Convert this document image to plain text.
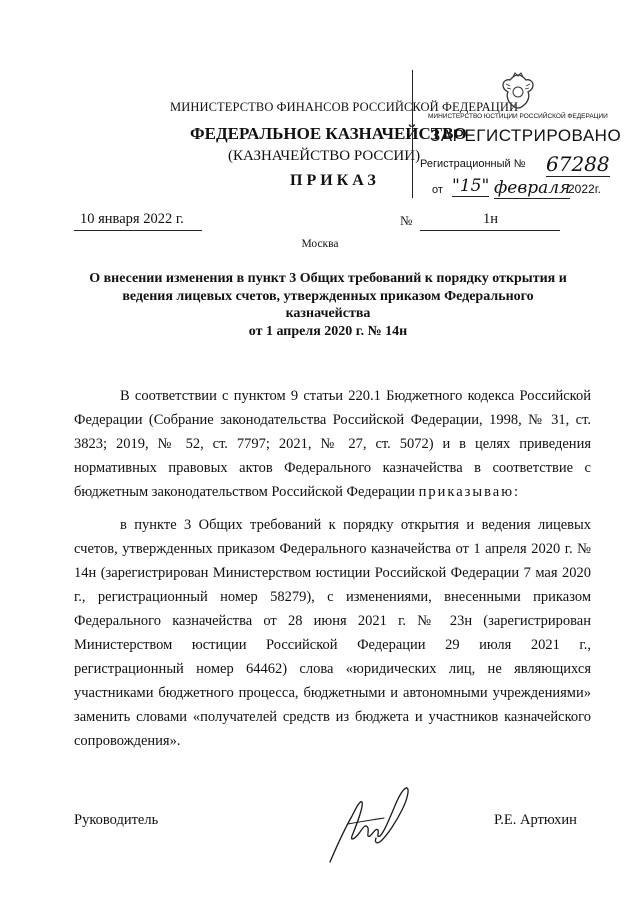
МИНИСТЕРСТВО ФИНАНСОВ РОССИЙСКОЙ ФЕДЕРАЦИИ
ФЕДЕРАЛЬНОЕ КАЗНАЧЕЙСТВО
(КАЗНАЧЕЙСТВО РОССИИ)
ПРИКАЗ
МИНИСТЕРСТВО ЮСТИЦИИ РОССИЙСКОЙ ФЕДЕРАЦИИ
ЗАРЕГИСТРИРОВАНО
Регистрационный № 67288
от "15" февраля
2022г.
10 января 2022 г.	№	1н
Москва
О внесении изменения в пункт 3 Общих требований к порядку открытия и
ведения лицевых счетов, утвержденных приказом Федерального
казначейства
от 1 апреля 2020 г. № 14н
В соответствии с пунктом 9 статьи 220.1 Бюджетного кодекса Российской Федерации (Собрание законодательства Российской Федерации, 1998, № 31, ст. 3823; 2019, № 52, ст. 7797; 2021, № 27, ст. 5072) и в целях приведения нормативных правовых актов Федерального казначейства в соответствие с бюджетным законодательством Российской Федерации приказываю:
в пункте 3 Общих требований к порядку открытия и ведения лицевых счетов, утвержденных приказом Федерального казначейства от 1 апреля 2020 г. № 14н (зарегистрирован Министерством юстиции Российской Федерации 7 мая 2020 г., регистрационный номер 58279), с изменениями, внесенными приказом Федерального казначейства от 28 июня 2021 г. № 23н (зарегистрирован Министерством юстиции Российской Федерации 29 июля 2021 г., регистрационный номер 64462) слова «юридических лиц, не являющихся участниками бюджетного процесса, бюджетными и автономными учреждениями» заменить словами «получателей средств из бюджета и участников казначейского сопровождения».
Руководитель	Р.Е. Артюхин
